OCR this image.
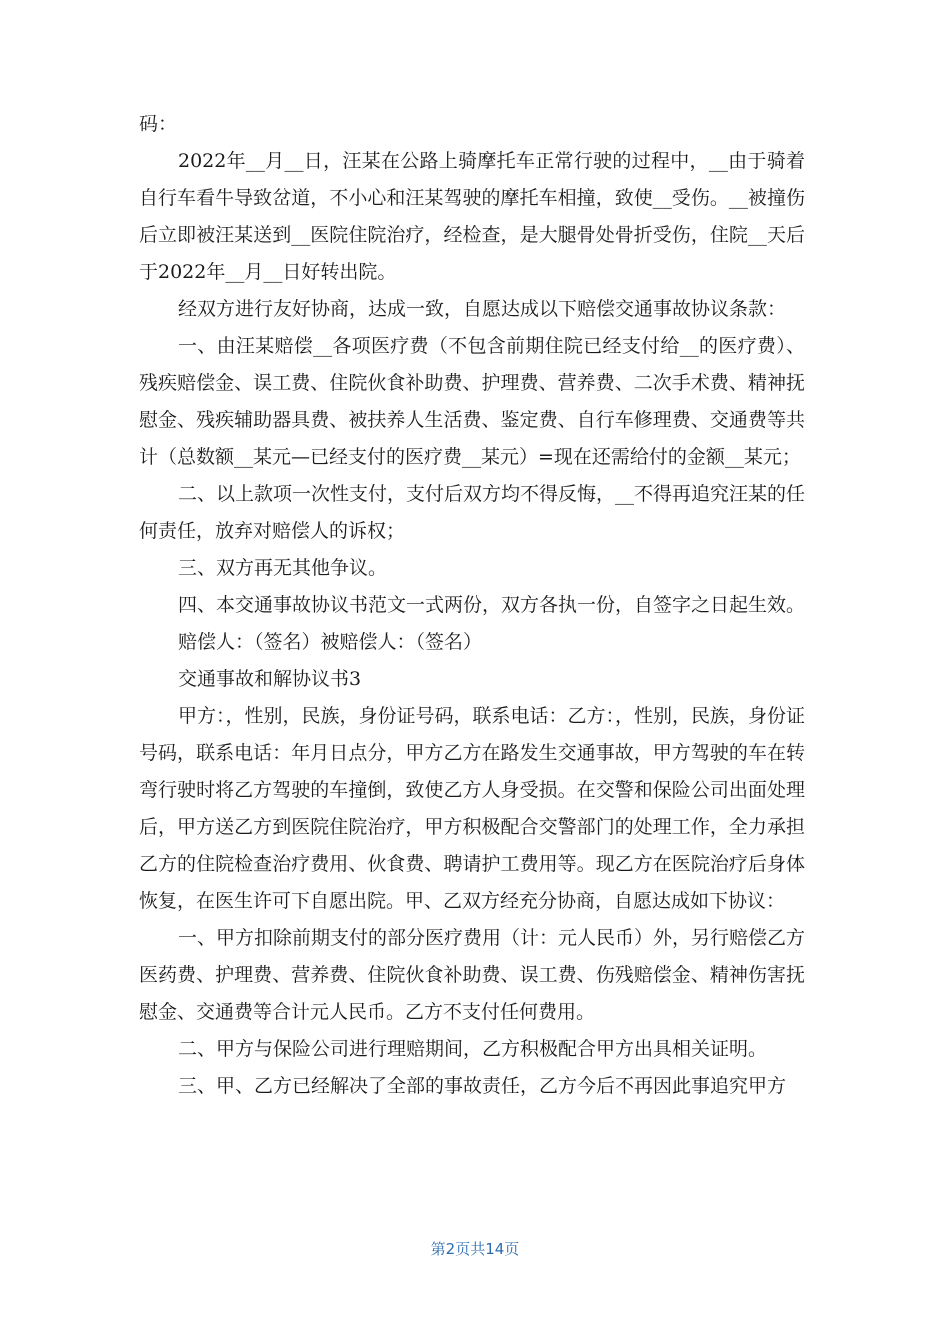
码：

2022年__月__日，汪某在公路上骑摩托车正常行驶的过程中，__由于骑着自行车看牛导致岔道，不小心和汪某驾驶的摩托车相撞，致使__受伤。__被撞伤后立即被汪某送到__医院住院治疗，经检查，是大腿骨处骨折受伤，住院__天后于2022年__月__日好转出院。

经双方进行友好协商，达成一致，自愿达成以下赔偿交通事故协议条款：

一、由汪某赔偿__各项医疗费（不包含前期住院已经支付给__的医疗费）、残疾赔偿金、误工费、住院伙食补助费、护理费、营养费、二次手术费、精神抚慰金、残疾辅助器具费、被扶养人生活费、鉴定费、自行车修理费、交通费等共计（总数额__某元—已经支付的医疗费__某元）=现在还需给付的金额__某元；

二、以上款项一次性支付，支付后双方均不得反悔，__不得再追究汪某的任何责任，放弃对赔偿人的诉权；

三、双方再无其他争议。

四、本交通事故协议书范文一式两份，双方各执一份，自签字之日起生效。

赔偿人：（签名）被赔偿人：（签名）

交通事故和解协议书3

甲方：，性别，民族，身份证号码，联系电话：乙方：，性别，民族，身份证号码，联系电话：年月日点分，甲方乙方在路发生交通事故，甲方驾驶的车在转弯行驶时将乙方驾驶的车撞倒，致使乙方人身受损。在交警和保险公司出面处理后，甲方送乙方到医院住院治疗，甲方积极配合交警部门的处理工作，全力承担乙方的住院检查治疗费用、伙食费、聘请护工费用等。现乙方在医院治疗后身体恢复，在医生许可下自愿出院。甲、乙双方经充分协商，自愿达成如下协议：

一、甲方扣除前期支付的部分医疗费用（计：元人民币）外，另行赔偿乙方医药费、护理费、营养费、住院伙食补助费、误工费、伤残赔偿金、精神伤害抚慰金、交通费等合计元人民币。乙方不支付任何费用。

二、甲方与保险公司进行理赔期间，乙方积极配合甲方出具相关证明。

三、甲、乙方已经解决了全部的事故责任，乙方今后不再因此事追究甲方

第2页共14页
